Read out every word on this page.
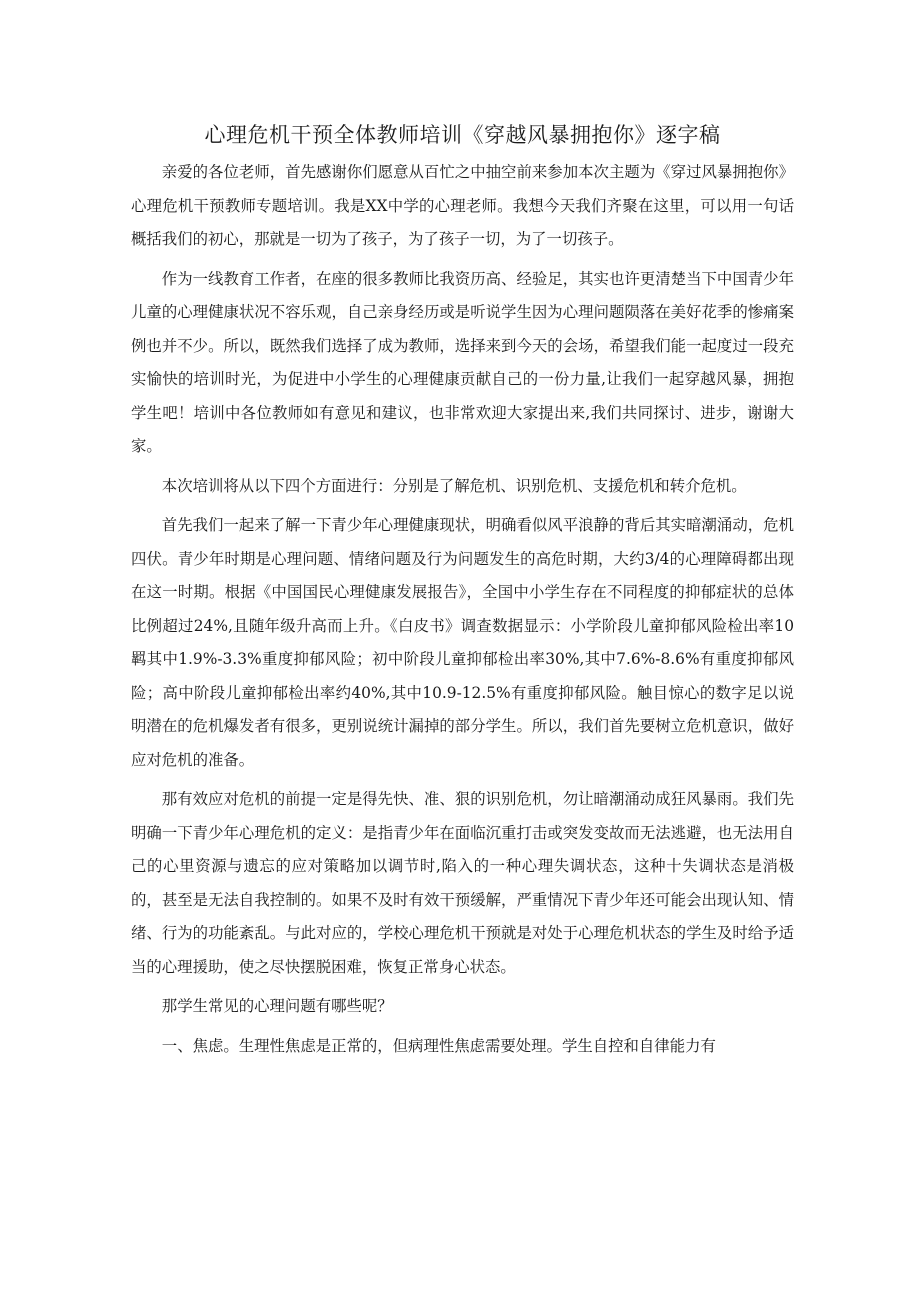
心理危机干预全体教师培训《穿越风暴拥抱你》逐字稿

亲爱的各位老师，首先感谢你们愿意从百忙之中抽空前来参加本次主题为《穿过风暴拥抱你》心理危机干预教师专题培训。我是XX中学的心理老师。我想今天我们齐聚在这里，可以用一句话概括我们的初心，那就是一切为了孩子，为了孩子一切，为了一切孩子。

作为一线教育工作者，在座的很多教师比我资历高、经验足，其实也许更清楚当下中国青少年儿童的心理健康状况不容乐观，自己亲身经历或是听说学生因为心理问题陨落在美好花季的惨痛案例也并不少。所以，既然我们选择了成为教师，选择来到今天的会场，希望我们能一起度过一段充实愉快的培训时光，为促进中小学生的心理健康贡献自己的一份力量,让我们一起穿越风暴，拥抱学生吧！培训中各位教师如有意见和建议，也非常欢迎大家提出来,我们共同探讨、进步，谢谢大家。

本次培训将从以下四个方面进行：分别是了解危机、识别危机、支援危机和转介危机。

首先我们一起来了解一下青少年心理健康现状，明确看似风平浪静的背后其实暗潮涌动，危机四伏。青少年时期是心理问题、情绪问题及行为问题发生的高危时期，大约3/4的心理障碍都出现在这一时期。根据《中国国民心理健康发展报告》，全国中小学生存在不同程度的抑郁症状的总体比例超过24%,且随年级升高而上升。《白皮书》调查数据显示：小学阶段儿童抑郁风险检出率10羁其中1.9%-3.3%重度抑郁风险；初中阶段儿童抑郁检出率30%,其中7.6%-8.6%有重度抑郁风险；高中阶段儿童抑郁检出率约40%,其中10.9-12.5%有重度抑郁风险。触目惊心的数字足以说明潜在的危机爆发者有很多，更别说统计漏掉的部分学生。所以，我们首先要树立危机意识，做好应对危机的准备。

那有效应对危机的前提一定是得先快、准、狠的识别危机，勿让暗潮涌动成狂风暴雨。我们先明确一下青少年心理危机的定义：是指青少年在面临沉重打击或突发变故而无法逃避，也无法用自己的心里资源与遗忘的应对策略加以调节时,陷入的一种心理失调状态，这种十失调状态是消极的，甚至是无法自我控制的。如果不及时有效干预缓解，严重情况下青少年还可能会出现认知、情绪、行为的功能紊乱。与此对应的，学校心理危机干预就是对处于心理危机状态的学生及时给予适当的心理援助，使之尽快摆脱困难，恢复正常身心状态。

那学生常见的心理问题有哪些呢？

一、焦虑。生理性焦虑是正常的，但病理性焦虑需要处理。学生自控和自律能力有
